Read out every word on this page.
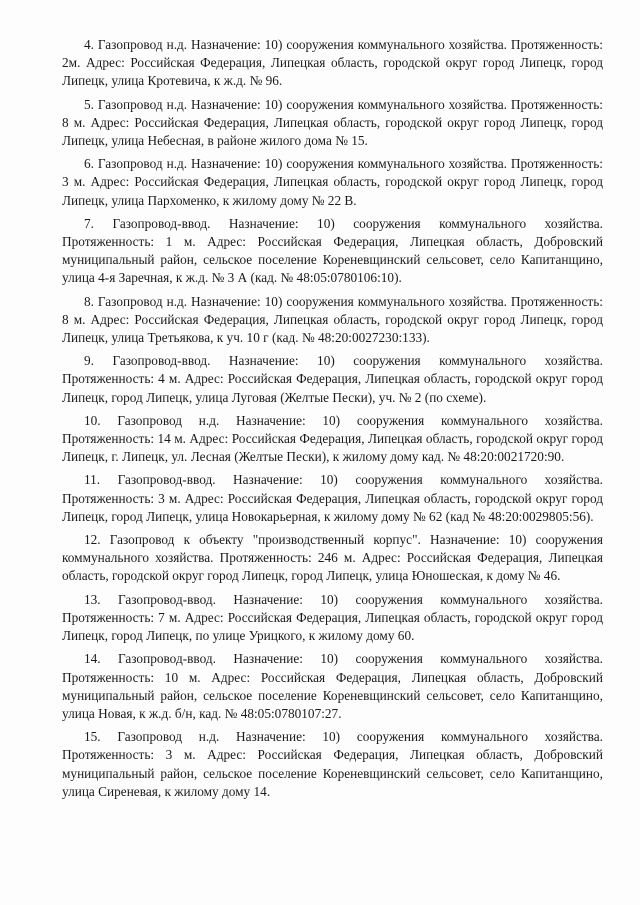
4. Газопровод н.д. Назначение: 10) сооружения коммунального хозяйства. Протяженность: 2м. Адрес: Российская Федерация, Липецкая область, городской округ город Липецк, город Липецк, улица Кротевича, к ж.д. № 96.

5. Газопровод н.д. Назначение: 10) сооружения коммунального хозяйства. Протяженность: 8 м. Адрес: Российская Федерация, Липецкая область, городской округ город Липецк, город Липецк, улица Небесная, в районе жилого дома № 15.

6. Газопровод н.д. Назначение: 10) сооружения коммунального хозяйства. Протяженность: 3 м. Адрес: Российская Федерация, Липецкая область, городской округ город Липецк, город Липецк, улица Пархоменко, к жилому дому № 22 В.

7. Газопровод-ввод. Назначение: 10) сооружения коммунального хозяйства. Протяженность: 1 м. Адрес: Российская Федерация, Липецкая область, Добровский муниципальный район, сельское поселение Кореневщинский сельсовет, село Капитанщино, улица 4-я Заречная, к ж.д. № 3 А (кад. № 48:05:0780106:10).

8. Газопровод н.д. Назначение: 10) сооружения коммунального хозяйства. Протяженность: 8 м. Адрес: Российская Федерация, Липецкая область, городской округ город Липецк, город Липецк, улица Третьякова, к уч. 10 г (кад. № 48:20:0027230:133).

9. Газопровод-ввод. Назначение: 10) сооружения коммунального хозяйства. Протяженность: 4 м. Адрес: Российская Федерация, Липецкая область, городской округ город Липецк, город Липецк, улица Луговая (Желтые Пески), уч. № 2 (по схеме).

10. Газопровод н.д. Назначение: 10) сооружения коммунального хозяйства. Протяженность: 14 м. Адрес: Российская Федерация, Липецкая область, городской округ город Липецк, г. Липецк, ул. Лесная (Желтые Пески), к жилому дому кад. № 48:20:0021720:90.

11. Газопровод-ввод. Назначение: 10) сооружения коммунального хозяйства. Протяженность: 3 м. Адрес: Российская Федерация, Липецкая область, городской округ город Липецк, город Липецк, улица Новокарьерная, к жилому дому № 62 (кад № 48:20:0029805:56).

12. Газопровод к объекту "производственный корпус". Назначение: 10) сооружения коммунального хозяйства. Протяженность: 246 м. Адрес: Российская Федерация, Липецкая область, городской округ город Липецк, город Липецк, улица Юношеская, к дому № 46.

13. Газопровод-ввод. Назначение: 10) сооружения коммунального хозяйства. Протяженность: 7 м. Адрес: Российская Федерация, Липецкая область, городской округ город Липецк, город Липецк, по улице Урицкого, к жилому дому 60.

14. Газопровод-ввод. Назначение: 10) сооружения коммунального хозяйства. Протяженность: 10 м. Адрес: Российская Федерация, Липецкая область, Добровский муниципальный район, сельское поселение Кореневщинский сельсовет, село Капитанщино, улица Новая, к ж.д. б/н, кад. № 48:05:0780107:27.

15. Газопровод н.д. Назначение: 10) сооружения коммунального хозяйства. Протяженность: 3 м. Адрес: Российская Федерация, Липецкая область, Добровский муниципальный район, сельское поселение Кореневщинский сельсовет, село Капитанщино, улица Сиреневая, к жилому дому 14.
